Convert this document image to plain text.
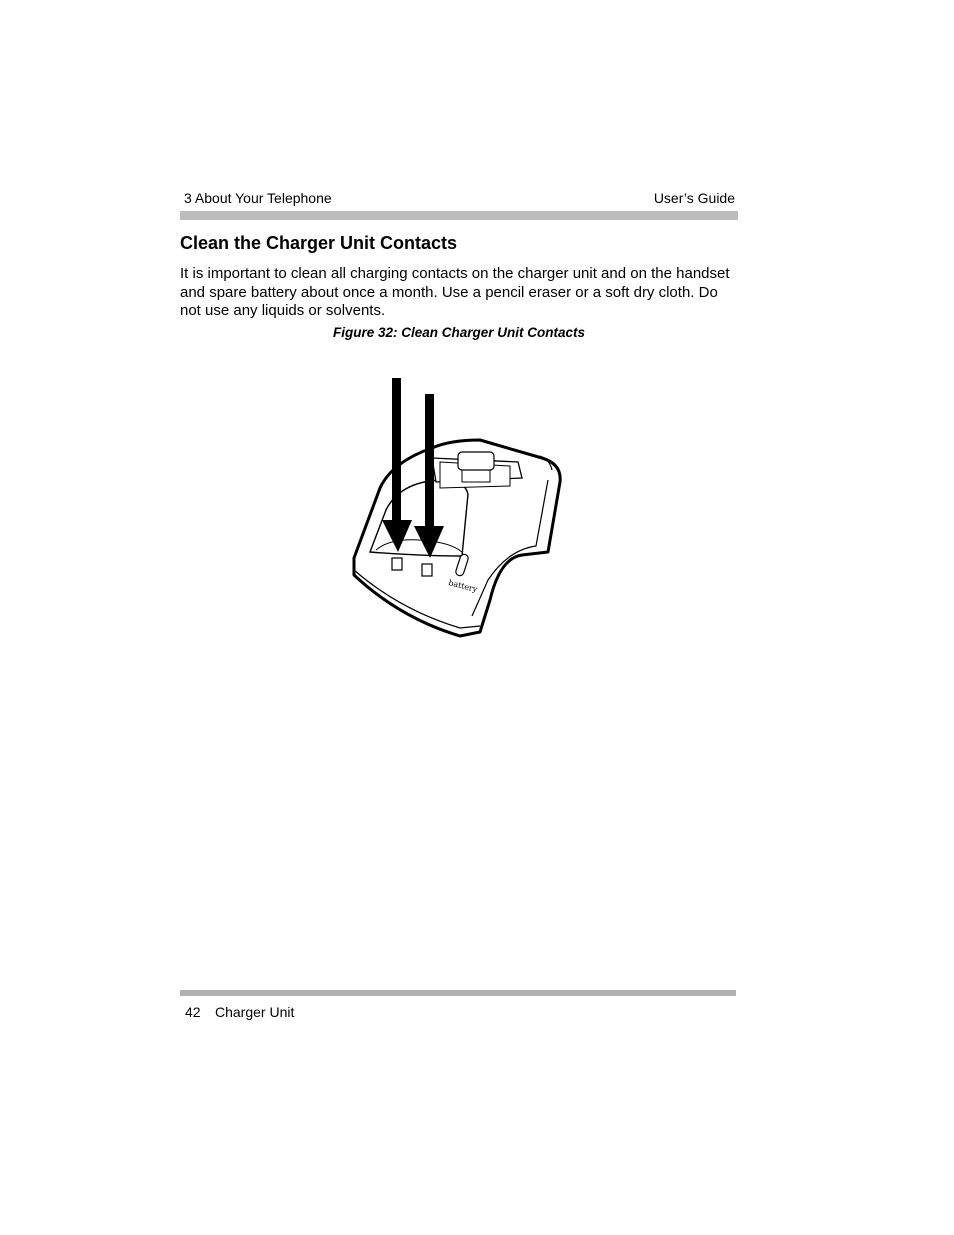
3 About Your Telephone	User’s Guide
Clean the Charger Unit Contacts

It is important to clean all charging contacts on the charger unit and on the handset and spare battery about once a month. Use a pencil eraser or a soft dry cloth. Do not use any liquids or solvents.

Figure 32: Clean Charger Unit Contacts
battery
42 Charger Unit
